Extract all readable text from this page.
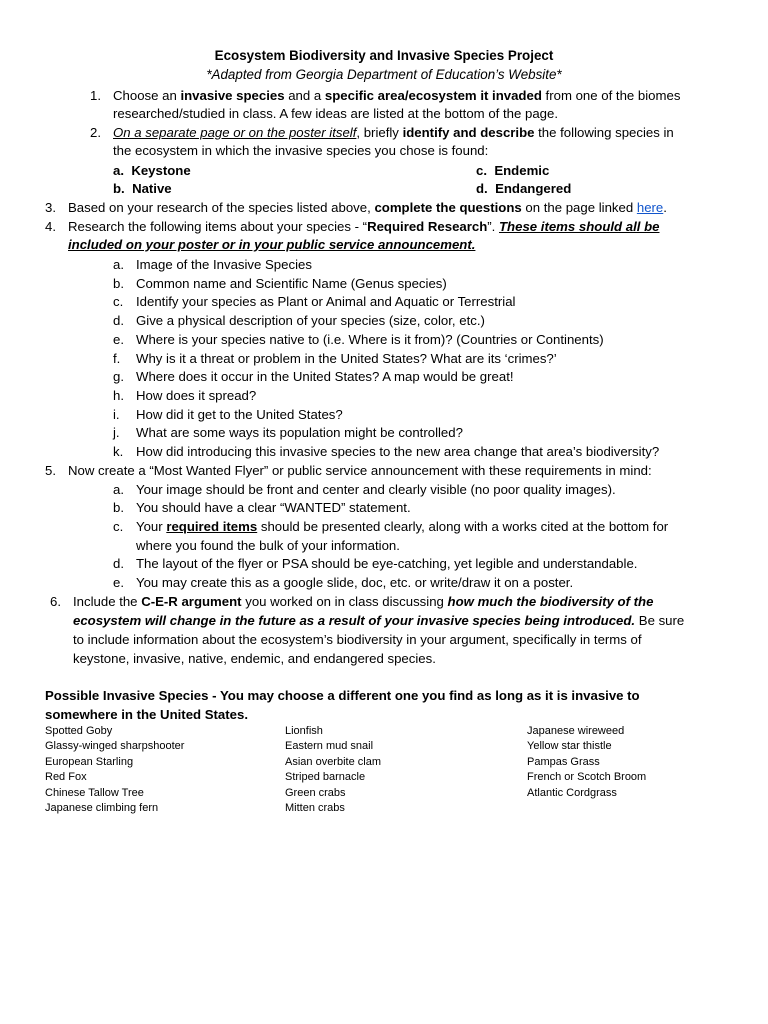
Ecosystem Biodiversity and Invasive Species Project
*Adapted from Georgia Department of Education’s Website*
1. Choose an invasive species and a specific area/ecosystem it invaded from one of the biomes
researched/studied in class. A few ideas are listed at the bottom of the page.
2. On a separate page or on the poster itself, briefly identify and describe the following species in
the ecosystem in which the invasive species you chose is found:
a. Keystone	c. Endemic
b. Native	d. Endangered
3. Based on your research of the species listed above, complete the questions on the page linked here.
4. Research the following items about your species - “Required Research”. These items should all be
included on your poster or in your public service announcement.
a. Image of the Invasive Species
b. Common name and Scientific Name (Genus species)
c. Identify your species as Plant or Animal and Aquatic or Terrestrial
d. Give a physical description of your species (size, color, etc.)
e. Where is your species native to (i.e. Where is it from)? (Countries or Continents)
f. Why is it a threat or problem in the United States? What are its ‘crimes?’
g. Where does it occur in the United States? A map would be great!
h. How does it spread?
i. How did it get to the United States?
j. What are some ways its population might be controlled?
k. How did introducing this invasive species to the new area change that area’s biodiversity?
5. Now create a “Most Wanted Flyer” or public service announcement with these requirements in mind:
a. Your image should be front and center and clearly visible (no poor quality images).
b. You should have a clear “WANTED” statement.
c. Your required items should be presented clearly, along with a works cited at the bottom for
where you found the bulk of your information.
d. The layout of the flyer or PSA should be eye-catching, yet legible and understandable.
e. You may create this as a google slide, doc, etc. or write/draw it on a poster.
6. Include the C-E-R argument you worked on in class discussing how much the biodiversity of the
ecosystem will change in the future as a result of your invasive species being introduced. Be sure
to include information about the ecosystem’s biodiversity in your argument, specifically in terms of
keystone, invasive, native, endemic, and endangered species.
Possible Invasive Species - You may choose a different one you find as long as it is invasive to
somewhere in the United States.
Spotted Goby
Glassy-winged sharpshooter
European Starling
Red Fox
Chinese Tallow Tree
Japanese climbing fern
Lionfish
Eastern mud snail
Asian overbite clam
Striped barnacle
Green crabs
Mitten crabs
Japanese wireweed
Yellow star thistle
Pampas Grass
French or Scotch Broom
Atlantic Cordgrass
